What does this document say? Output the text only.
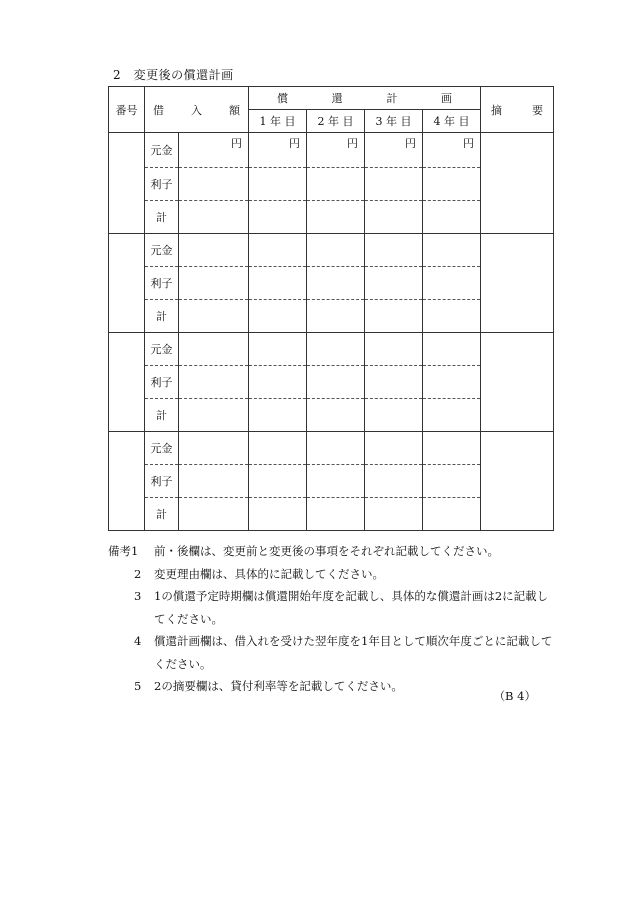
2　変更後の償還計画
番号	借 入 額		償 還 計 画				摘 要

			1 年 目	2 年 目	3 年 目	4 年 目	
	元金	円	円	円	円	円	
	利子						
	計						
	元金						
	利子						
	計						
	元金						
	利子						
	計						
	元金						
	利子						
	計						
備考1	前・後欄は、変更前と変更後の事項をそれぞれ記載してください。
2	変更理由欄は、具体的に記載してください。
3	1の償還予定時期欄は償還開始年度を記載し、具体的な償還計画は2に記載し
てください。
4	償還計画欄は、借入れを受けた翌年度を1年目として順次年度ごとに記載して
ください。
5	2の摘要欄は、貸付利率等を記載してください。
（B 4）
